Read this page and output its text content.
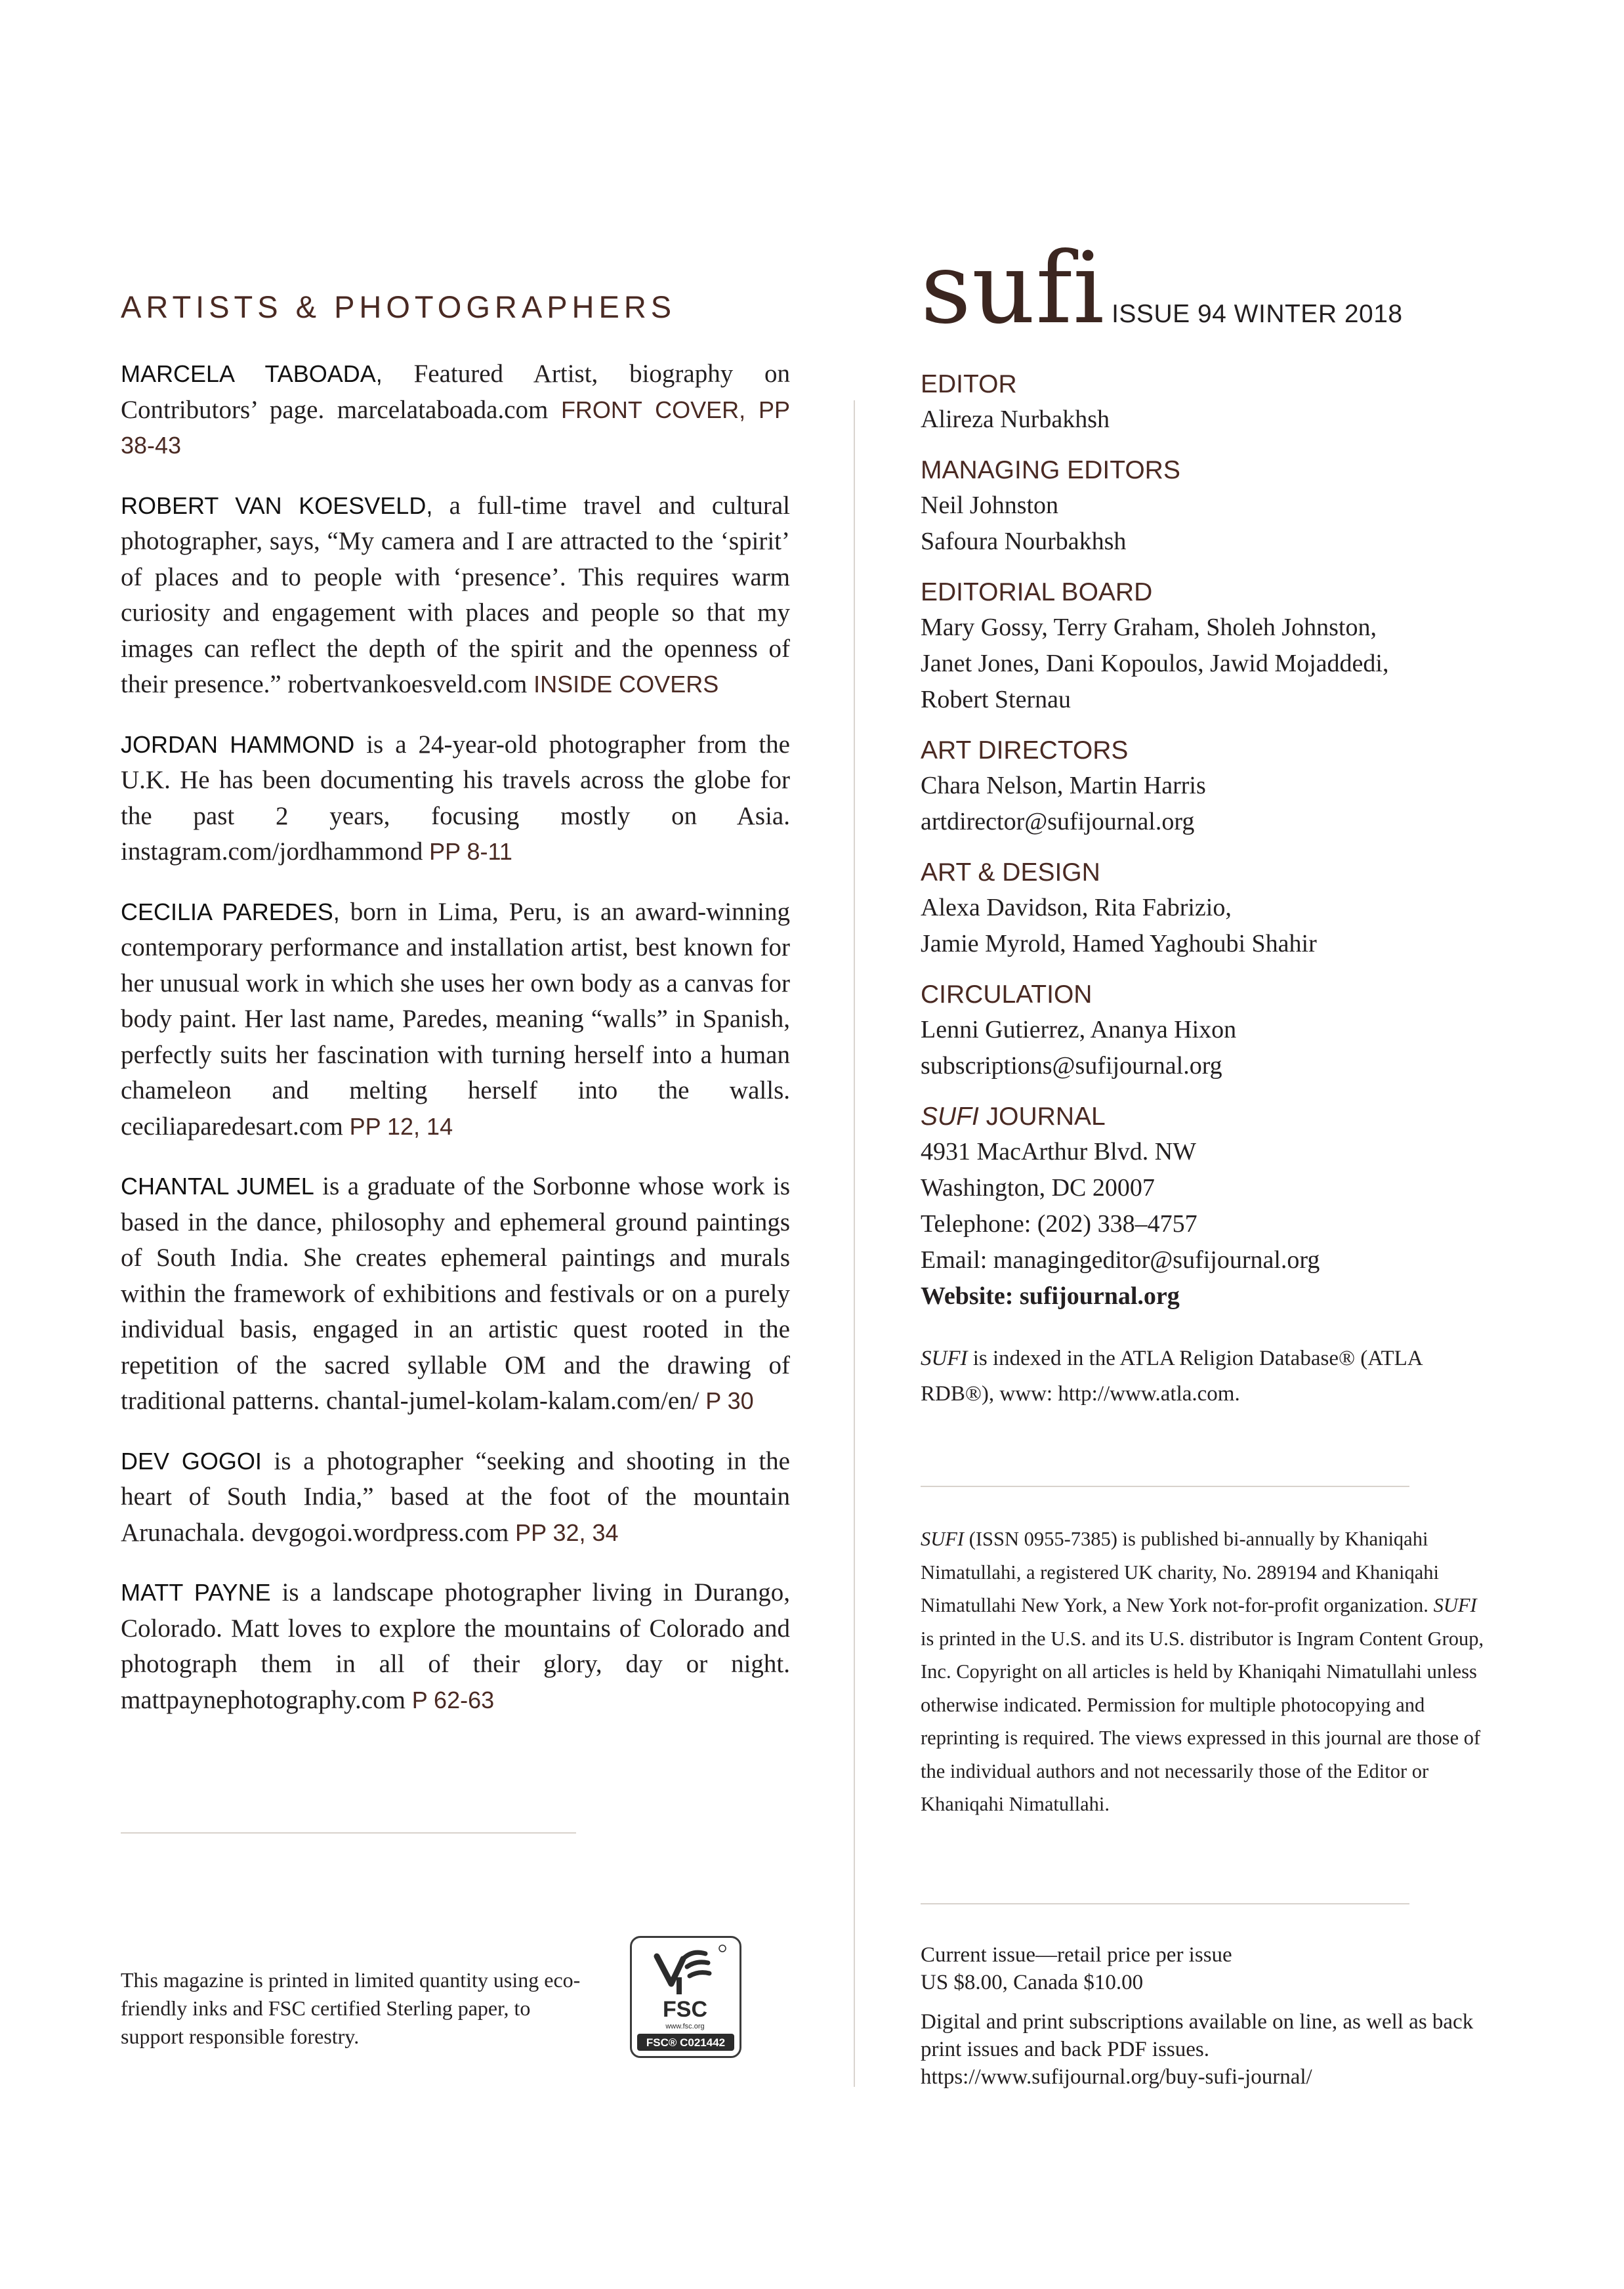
ARTISTS & PHOTOGRAPHERS

MARCELA TABOADA, Featured Artist, biography on Contributors’ page. marcelataboada.com FRONT COVER, PP 38-43

ROBERT VAN KOESVELD, a full-time travel and cultural photographer, says, “My camera and I are attracted to the ‘spirit’ of places and to people with ‘presence’. This requires warm curiosity and engagement with places and people so that my images can reflect the depth of the spirit and the openness of their presence.” robertvankoesveld.com INSIDE COVERS

JORDAN HAMMOND is a 24-year-old photographer from the U.K. He has been documenting his travels across the globe for the past 2 years, focusing mostly on Asia. instagram.com/jordhammond PP 8-11

CECILIA PAREDES, born in Lima, Peru, is an award-winning contemporary performance and installation artist, best known for her unusual work in which she uses her own body as a canvas for body paint. Her last name, Paredes, meaning “walls” in Spanish, perfectly suits her fascination with turning herself into a human chameleon and melting herself into the walls. ceciliaparedesart.com PP 12, 14

CHANTAL JUMEL is a graduate of the Sorbonne whose work is based in the dance, philosophy and ephemeral ground paintings of South India. She creates ephemeral paintings and murals within the framework of exhibitions and festivals or on a purely individual basis, engaged in an artistic quest rooted in the repetition of the sacred syllable OM and the drawing of traditional patterns. chantal-jumel-kolam-kalam.com/en/ P 30

DEV GOGOI is a photographer “seeking and shooting in the heart of South India,” based at the foot of the mountain Arunachala. devgogoi.wordpress.com PP 32, 34

MATT PAYNE is a landscape photographer living in Durango, Colorado. Matt loves to explore the mountains of Colorado and photograph them in all of their glory, day or night. mattpaynephotography.com P 62-63

This magazine is printed in limited quantity using eco-friendly inks and FSC certified Sterling paper, to support responsible forestry.
FSC
www.fsc.org
FSC® C021442
sufi ISSUE 94 WINTER 2018

EDITOR

Alireza Nurbakhsh

MANAGING EDITORS

Neil Johnston
Safoura Nourbakhsh

EDITORIAL BOARD

Mary Gossy, Terry Graham, Sholeh Johnston,
Janet Jones, Dani Kopoulos, Jawid Mojaddedi,
Robert Sternau

ART DIRECTORS

Chara Nelson, Martin Harris
artdirector@sufijournal.org

ART & DESIGN

Alexa Davidson, Rita Fabrizio,
Jamie Myrold, Hamed Yaghoubi Shahir

CIRCULATION

Lenni Gutierrez, Ananya Hixon
subscriptions@sufijournal.org

SUFI JOURNAL

4931 MacArthur Blvd. NW
Washington, DC 20007
Telephone: (202) 338–4757
Email: managingeditor@sufijournal.org
Website: sufijournal.org
SUFI is indexed in the ATLA Religion Database® (ATLA RDB®), www: http://www.atla.com.
SUFI (ISSN 0955-7385) is published bi-annually by Khaniqahi Nimatullahi, a registered UK charity, No. 289194 and Khaniqahi Nimatullahi New York, a New York not-for-profit organization. SUFI is printed in the U.S. and its U.S. distributor is Ingram Content Group, Inc. Copyright on all articles is held by Khaniqahi Nimatullahi unless otherwise indicated. Permission for multiple photocopying and reprinting is required. The views expressed in this journal are those of the individual authors and not necessarily those of the Editor or Khaniqahi Nimatullahi.

Current issue—retail price per issue
US $8.00, Canada $10.00

Digital and print subscriptions available on line, as well as back print issues and back PDF issues.
https://www.sufijournal.org/buy-sufi-journal/
